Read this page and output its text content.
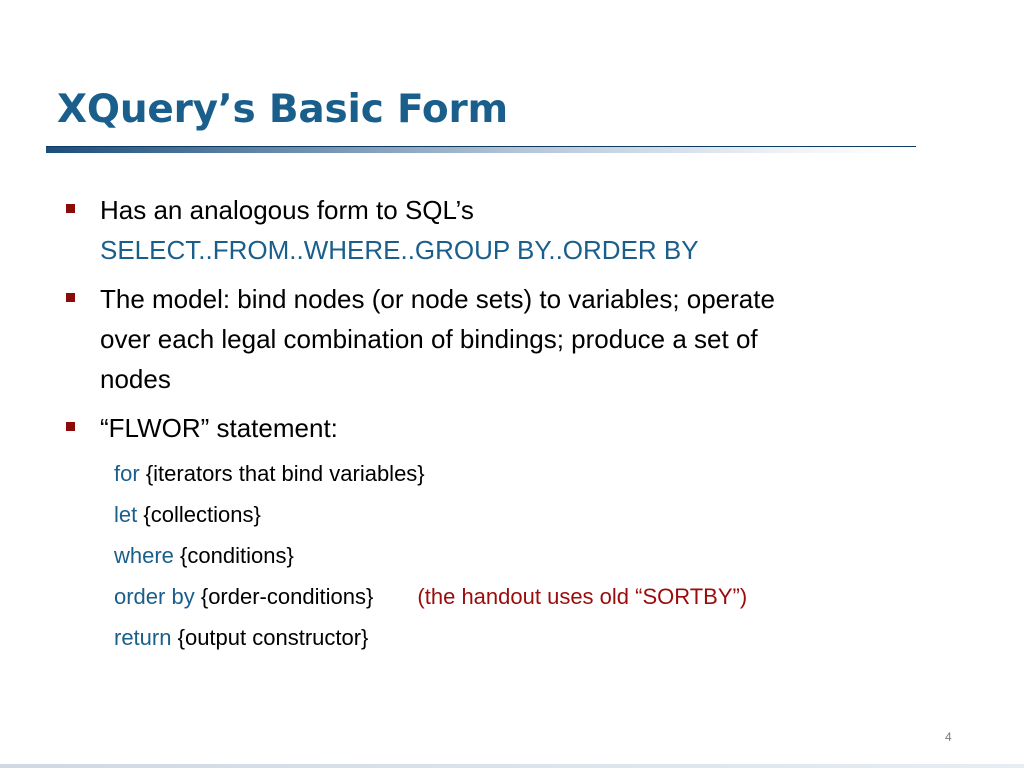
XQuery’s Basic Form
Has an analogous form to SQL’s
SELECT..FROM..WHERE..GROUP BY..ORDER BY
The model: bind nodes (or node sets) to variables; operate
over each legal combination of bindings; produce a set of
nodes
“FLWOR” statement:
for {iterators that bind variables}
let {collections}
where {conditions}
order by {order-conditions} (the handout uses old “SORTBY”)
return {output constructor}
4
